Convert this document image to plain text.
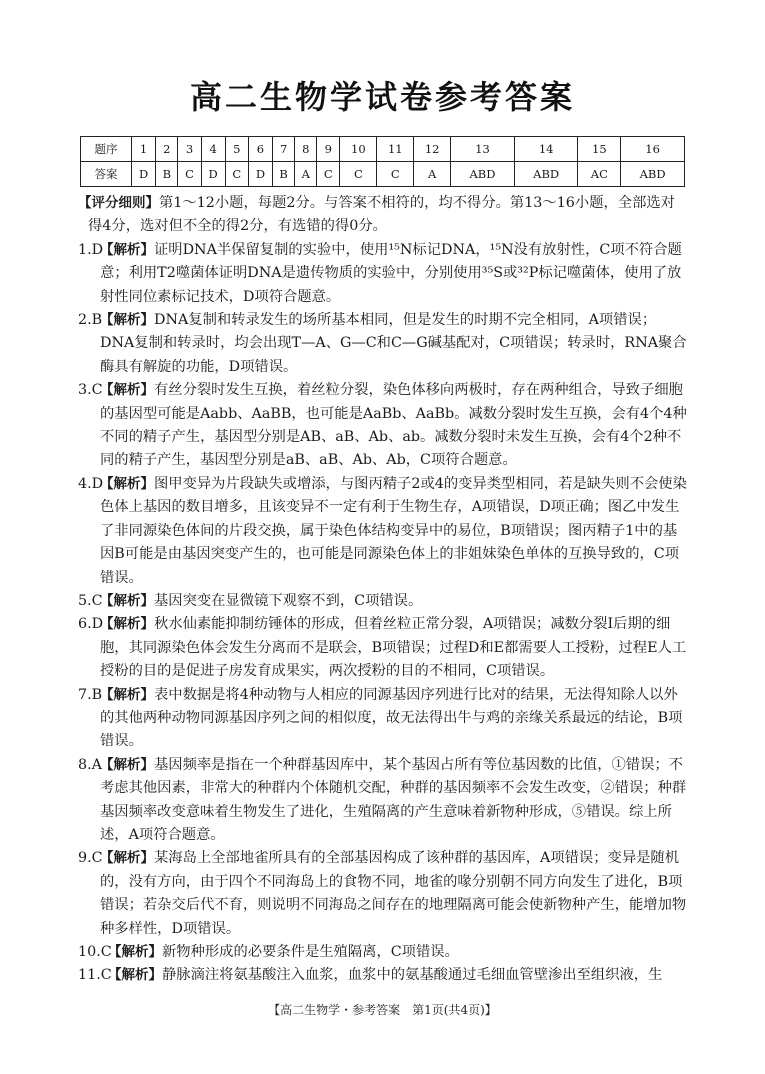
高二生物学试卷参考答案
题序	1	2	3	4	5	6	7	8	9	10	11	12	13	14	15	16
答案	D	B	C	D	C	D	B	A	C	C	C	A	ABD	ABD	AC	ABD
【评分细则】第1～12小题，每题2分。与答案不相符的，均不得分。第13～16小题，全部选对得4分，选对但不全的得2分，有选错的得0分。
1.D
【解析】证明DNA半保留复制的实验中，使用¹⁵N标记DNA，¹⁵N没有放射性，C项不符合题意；利用T2噬菌体证明DNA是遗传物质的实验中，分别使用³⁵S或³²P标记噬菌体，使用了放射性同位素标记技术，D项符合题意。
2.B
【解析】DNA复制和转录发生的场所基本相同，但是发生的时期不完全相同，A项错误；DNA复制和转录时，均会出现T—A、G—C和C—G碱基配对，C项错误；转录时，RNA聚合酶具有解旋的功能，D项错误。
3.C
【解析】有丝分裂时发生互换，着丝粒分裂，染色体移向两极时，存在两种组合，导致子细胞的基因型可能是Aabb、AaBB，也可能是AaBb、AaBb。减数分裂时发生互换，会有4个4种不同的精子产生，基因型分别是AB、aB、Ab、ab。减数分裂时未发生互换，会有4个2种不同的精子产生，基因型分别是aB、aB、Ab、Ab，C项符合题意。
4.D
【解析】图甲变异为片段缺失或增添，与图丙精子2或4的变异类型相同，若是缺失则不会使染色体上基因的数目增多，且该变异不一定有利于生物生存，A项错误，D项正确；图乙中发生了非同源染色体间的片段交换，属于染色体结构变异中的易位，B项错误；图丙精子1中的基因B可能是由基因突变产生的，也可能是同源染色体上的非姐妹染色单体的互换导致的，C项错误。
5.C
【解析】基因突变在显微镜下观察不到，C项错误。
6.D
【解析】秋水仙素能抑制纺锤体的形成，但着丝粒正常分裂，A项错误；减数分裂Ⅰ后期的细胞，其同源染色体会发生分离而不是联会，B项错误；过程D和E都需要人工授粉，过程E人工授粉的目的是促进子房发育成果实，两次授粉的目的不相同，C项错误。
7.B
【解析】表中数据是将4种动物与人相应的同源基因序列进行比对的结果，无法得知除人以外的其他两种动物同源基因序列之间的相似度，故无法得出牛与鸡的亲缘关系最远的结论，B项错误。
8.A
【解析】基因频率是指在一个种群基因库中，某个基因占所有等位基因数的比值，①错误；不考虑其他因素，非常大的种群内个体随机交配，种群的基因频率不会发生改变，②错误；种群基因频率改变意味着生物发生了进化，生殖隔离的产生意味着新物种形成，⑤错误。综上所述，A项符合题意。
9.C
【解析】某海岛上全部地雀所具有的全部基因构成了该种群的基因库，A项错误；变异是随机的，没有方向，由于四个不同海岛上的食物不同，地雀的喙分别朝不同方向发生了进化，B项错误；若杂交后代不育，则说明不同海岛之间存在的地理隔离可能会使新物种产生，能增加物种多样性，D项错误。
10.C
【解析】新物种形成的必要条件是生殖隔离，C项错误。
11.C
【解析】静脉滴注将氨基酸注入血浆，血浆中的氨基酸通过毛细血管壁渗出至组织液，生
【高二生物学・参考答案　第1页(共4页)】
